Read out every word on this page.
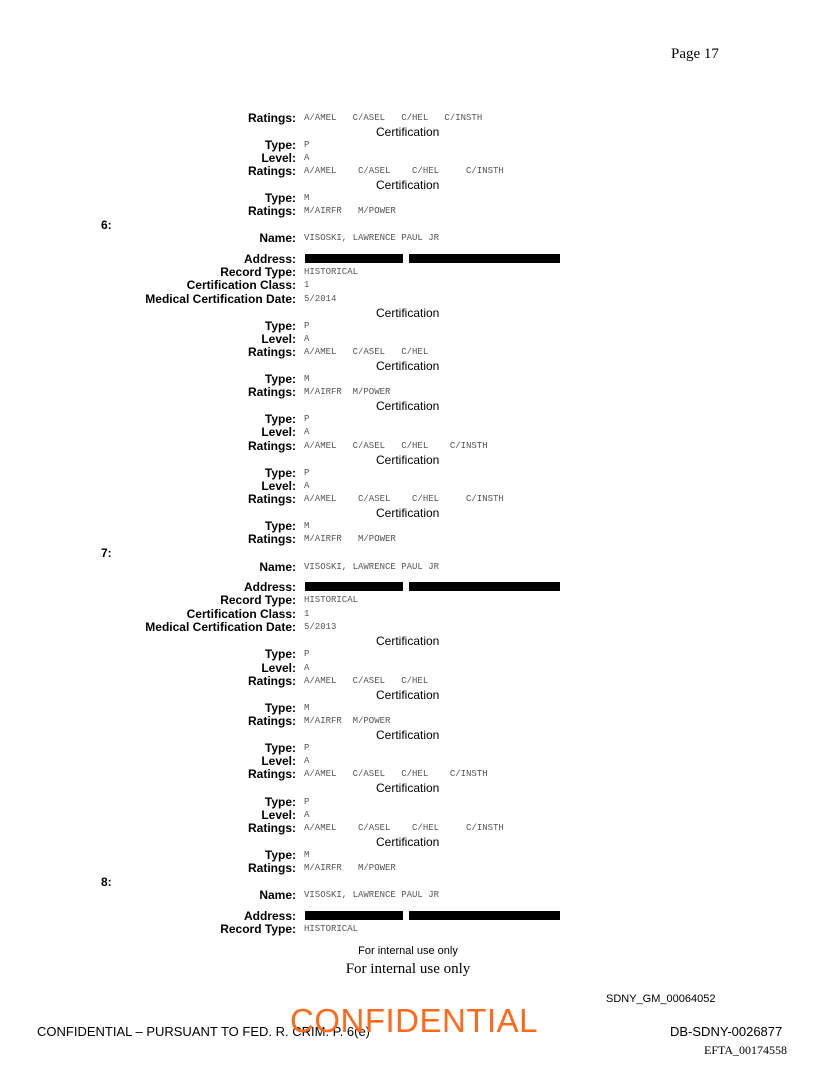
Page 17
Ratings: A/AMEL   C/ASEL   C/HEL   C/INSTH
Certification
Type: P
Level: A
Ratings: A/AMEL    C/ASEL    C/HEL     C/INSTH
Certification
Type: M
Ratings: M/AIRFR   M/POWER
6:
Name: VISOSKI, LAWRENCE PAUL JR
Address:
Record Type: HISTORICAL
Certification Class: 1
Medical Certification Date: 5/2014
Certification
Type: P
Level: A
Ratings: A/AMEL   C/ASEL   C/HEL
Certification
Type: M
Ratings: M/AIRFR  M/POWER
Certification
Type: P
Level: A
Ratings: A/AMEL   C/ASEL   C/HEL    C/INSTH
Certification
Type: P
Level: A
Ratings: A/AMEL    C/ASEL    C/HEL     C/INSTH
Certification
Type: M
Ratings: M/AIRFR   M/POWER
7:
Name: VISOSKI, LAWRENCE PAUL JR
Address:
Record Type: HISTORICAL
Certification Class: 1
Medical Certification Date: 5/2013
Certification
Type: P
Level: A
Ratings: A/AMEL   C/ASEL   C/HEL
Certification
Type: M
Ratings: M/AIRFR  M/POWER
Certification
Type: P
Level: A
Ratings: A/AMEL   C/ASEL   C/HEL    C/INSTH
Certification
Type: P
Level: A
Ratings: A/AMEL    C/ASEL    C/HEL     C/INSTH
Certification
Type: M
Ratings: M/AIRFR   M/POWER
8:
Name: VISOSKI, LAWRENCE PAUL JR
Address:
Record Type: HISTORICAL
For internal use only
For internal use only
SDNY_GM_00064052
CONFIDENTIAL – PURSUANT TO FED. R. CRIM. P. 6(e)
CONFIDENTIAL	DB-SDNY-0026877
EFTA_00174558
